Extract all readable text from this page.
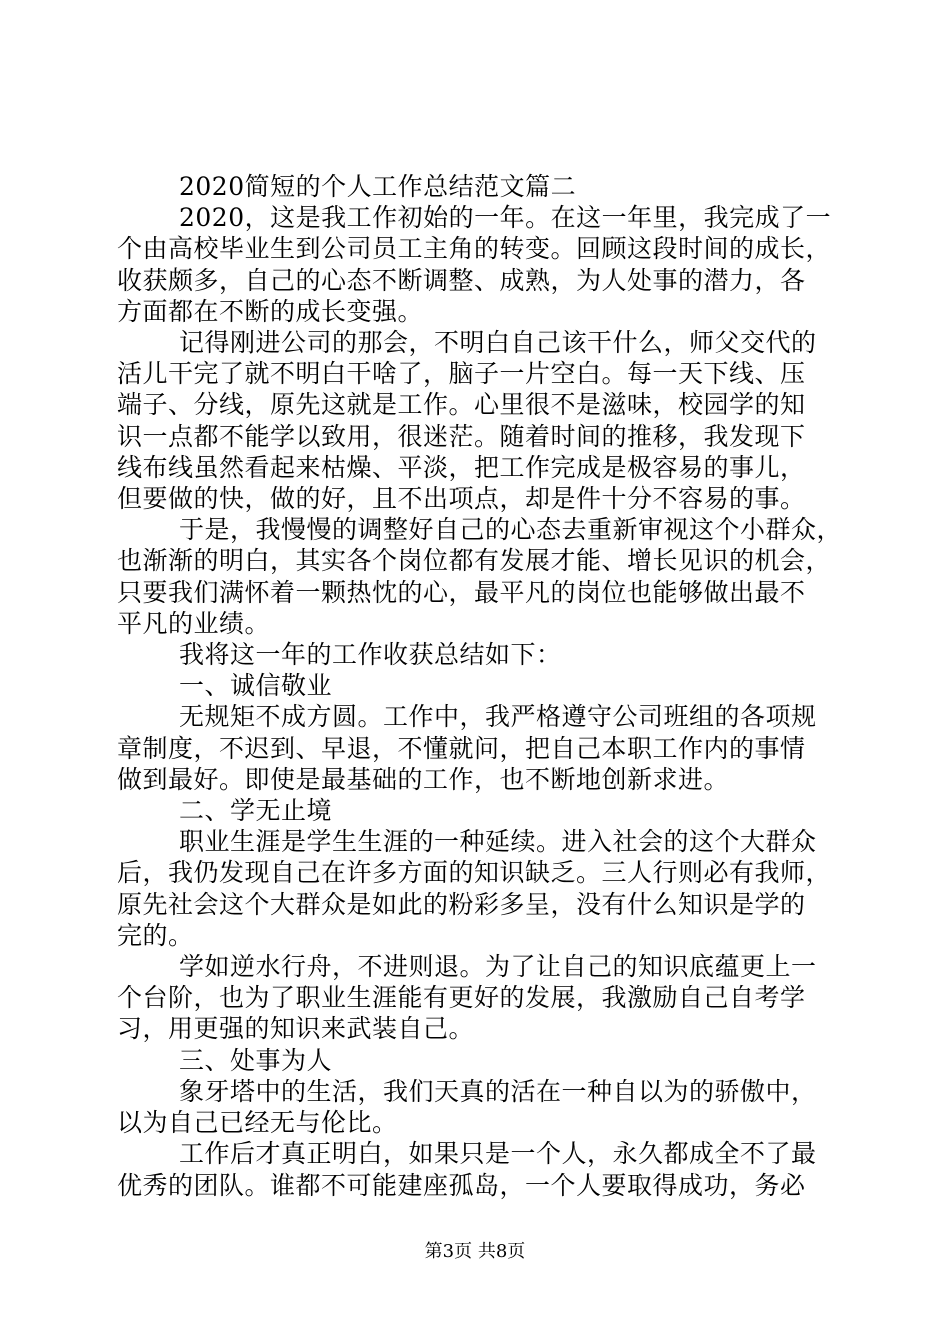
2020简短的个人工作总结范文篇二
2020，这是我工作初始的一年。在这一年里，我完成了一
个由高校毕业生到公司员工主角的转变。回顾这段时间的成长，
收获颇多，自己的心态不断调整、成熟，为人处事的潜力，各
方面都在不断的成长变强。
记得刚进公司的那会，不明白自己该干什么，师父交代的
活儿干完了就不明白干啥了，脑子一片空白。每一天下线、压
端子、分线，原先这就是工作。心里很不是滋味，校园学的知
识一点都不能学以致用，很迷茫。随着时间的推移，我发现下
线布线虽然看起来枯燥、平淡，把工作完成是极容易的事儿，
但要做的快，做的好，且不出项点，却是件十分不容易的事。
于是，我慢慢的调整好自己的心态去重新审视这个小群众，
也渐渐的明白，其实各个岗位都有发展才能、增长见识的机会，
只要我们满怀着一颗热忱的心，最平凡的岗位也能够做出最不
平凡的业绩。
我将这一年的工作收获总结如下：
一、诚信敬业
无规矩不成方圆。工作中，我严格遵守公司班组的各项规
章制度，不迟到、早退，不懂就问，把自己本职工作内的事情
做到最好。即使是最基础的工作，也不断地创新求进。
二、学无止境
职业生涯是学生生涯的一种延续。进入社会的这个大群众
后，我仍发现自己在许多方面的知识缺乏。三人行则必有我师，
原先社会这个大群众是如此的粉彩多呈，没有什么知识是学的
完的。
学如逆水行舟，不进则退。为了让自己的知识底蕴更上一
个台阶，也为了职业生涯能有更好的发展，我激励自己自考学
习，用更强的知识来武装自己。
三、处事为人
象牙塔中的生活，我们天真的活在一种自以为的骄傲中，
以为自己已经无与伦比。
工作后才真正明白，如果只是一个人，永久都成全不了最
优秀的团队。谁都不可能建座孤岛，一个人要取得成功，务必
第3页 共8页
